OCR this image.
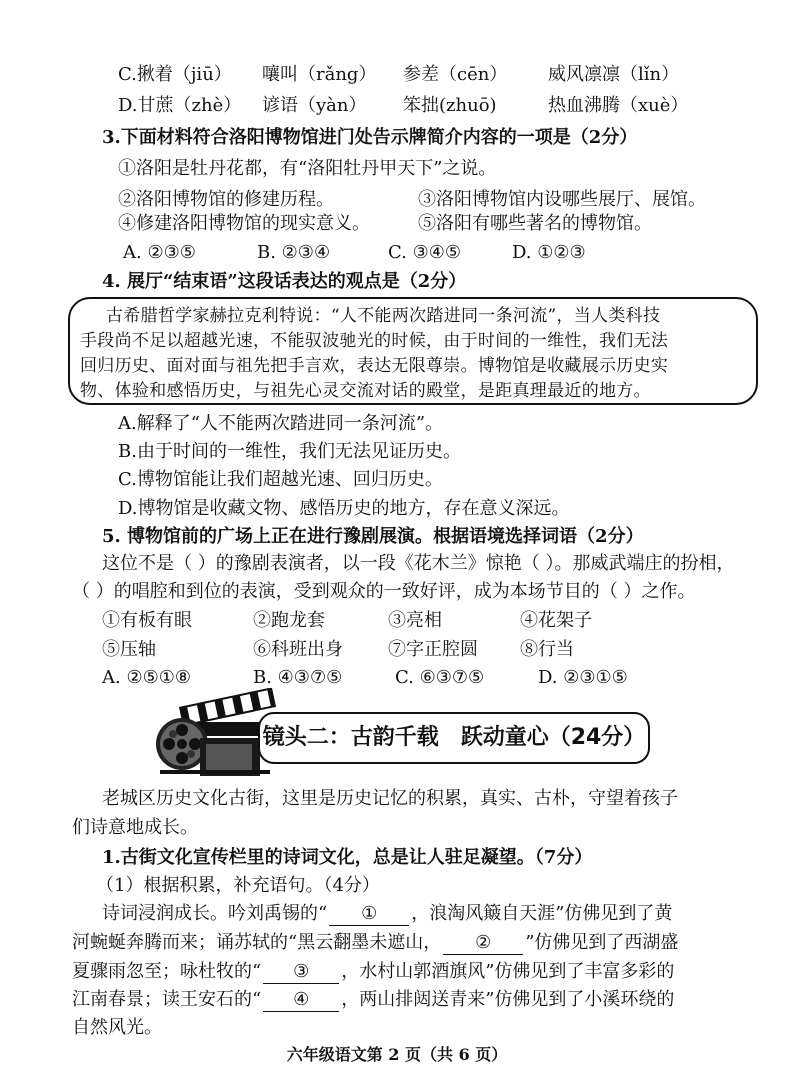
C.揪着（jiū） 嚷叫（rǎng） 参差（cēn） 威风凛凛（lǐn）
D.甘蔗（zhè） 谚语（yàn） 笨拙(zhuō)	热血沸腾（xuè）
3.下面材料符合洛阳博物馆进门处告示牌简介内容的一项是（2分）
①洛阳是牡丹花都，有“洛阳牡丹甲天下”之说。
②洛阳博物馆的修建历程。	③洛阳博物馆内设哪些展厅、展馆。
④修建洛阳博物馆的现实意义。	⑤洛阳有哪些著名的博物馆。
A. ②③⑤	B. ②③④	C. ③④⑤	D. ①②③
4. 展厅“结束语”这段话表达的观点是（2分）
古希腊哲学家赫拉克利特说：“人不能两次踏进同一条河流”，当人类科技
手段尚不足以超越光速，不能驭波驰光的时候，由于时间的一维性，我们无法
回归历史、面对面与祖先把手言欢，表达无限尊崇。博物馆是收藏展示历史实
物、体验和感悟历史，与祖先心灵交流对话的殿堂，是距真理最近的地方。
A.解释了“人不能两次踏进同一条河流”。
B.由于时间的一维性，我们无法见证历史。
C.博物馆能让我们超越光速、回归历史。
D.博物馆是收藏文物、感悟历史的地方，存在意义深远。
5. 博物馆前的广场上正在进行豫剧展演。根据语境选择词语（2分）
这位不是（ ）的豫剧表演者，以一段《花木兰》惊艳（ ）。那威武端庄的扮相，
（ ）的唱腔和到位的表演，受到观众的一致好评，成为本场节目的（ ）之作。
①有板有眼	②跑龙套	③亮相	④花架子
⑤压轴	⑥科班出身	⑦字正腔圆 ⑧行当
A. ②⑤①⑧	B. ④③⑦⑤	C. ⑥③⑦⑤	D. ②③①⑤
镜头二：古韵千载　跃动童心（24分）
老城区历史文化古街，这里是历史记忆的积累，真实、古朴，守望着孩子
们诗意地成长。
1.古街文化宣传栏里的诗词文化，总是让人驻足凝望。（7分）
（1）根据积累，补充语句。（4分）
诗词浸润成长。吟刘禹锡的“ ① ，浪淘风簸自天涯”仿佛见到了黄
河蜿蜒奔腾而来；诵苏轼的“黑云翻墨未遮山， ② ”仿佛见到了西湖盛
夏骤雨忽至；咏杜牧的“ ③ ，水村山郭酒旗风”仿佛见到了丰富多彩的
江南春景；读王安石的“ ④ ，两山排闼送青来”仿佛见到了小溪环绕的
自然风光。
六年级语文第 2 页（共 6 页）
